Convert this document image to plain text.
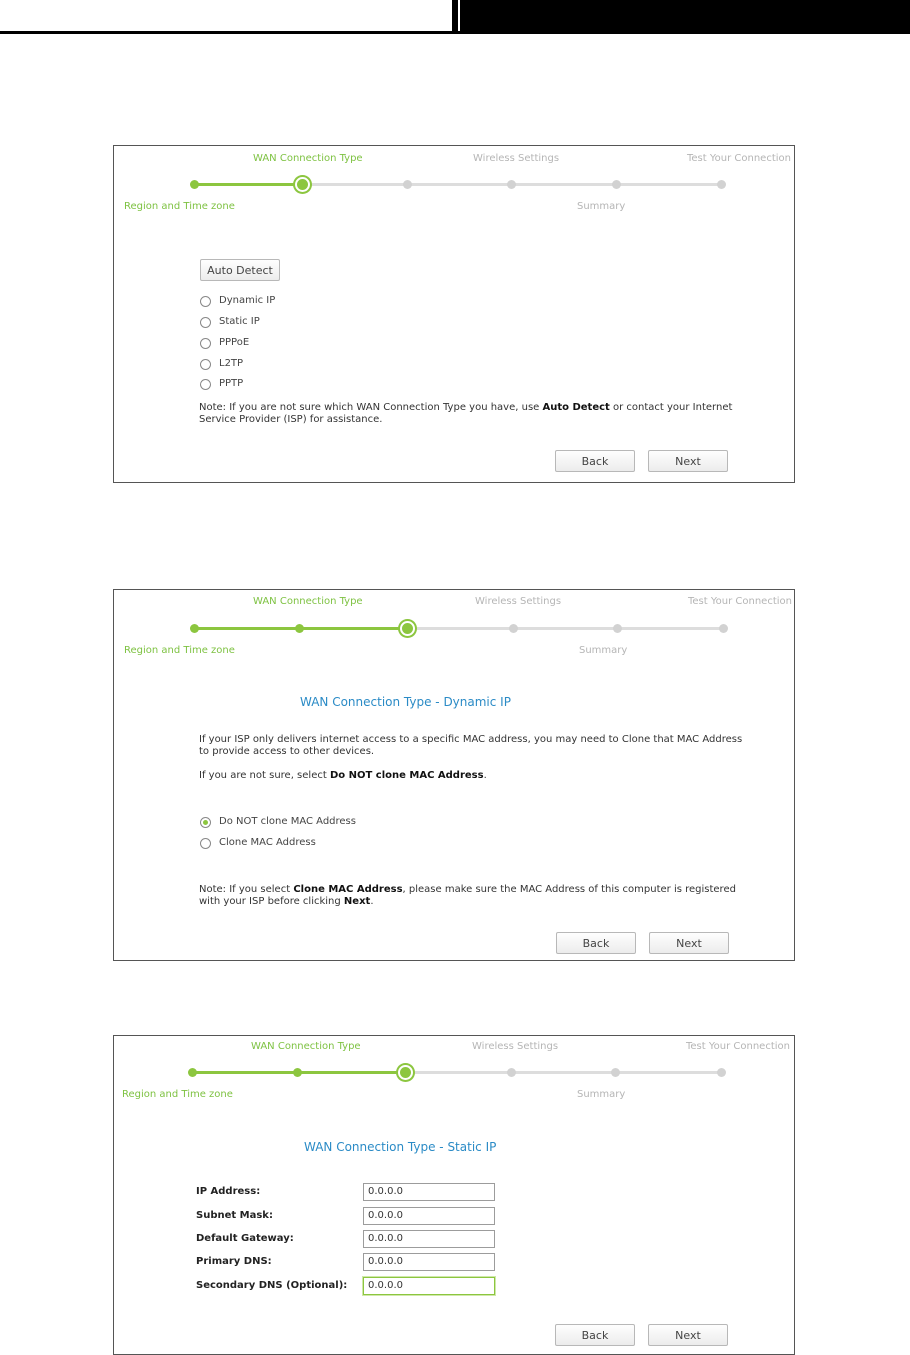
WAN Connection Type	Wireless Settings	Test Your Connection
Region and Time zone	Summary
Auto Detect
Dynamic IP
Static IP
PPPoE
L2TP
PPTP
Note: If you are not sure which WAN Connection Type you have, use Auto Detect or contact your Internet Service Provider (ISP) for assistance.
Back	Next
WAN Connection Type	Wireless Settings	Test Your Connection
Region and Time zone	Summary
WAN Connection Type - Dynamic IP
If your ISP only delivers internet access to a specific MAC address, you may need to Clone that MAC Address to provide access to other devices.
If you are not sure, select Do NOT clone MAC Address.
Do NOT clone MAC Address
Clone MAC Address
Note: If you select Clone MAC Address, please make sure the MAC Address of this computer is registered with your ISP before clicking Next.
Back	Next
WAN Connection Type	Wireless Settings	Test Your Connection
Region and Time zone	Summary
WAN Connection Type - Static IP
IP Address:	0.0.0.0
Subnet Mask:	0.0.0.0
Default Gateway:	0.0.0.0
Primary DNS:	0.0.0.0
Secondary DNS (Optional):	0.0.0.0
Back	Next
